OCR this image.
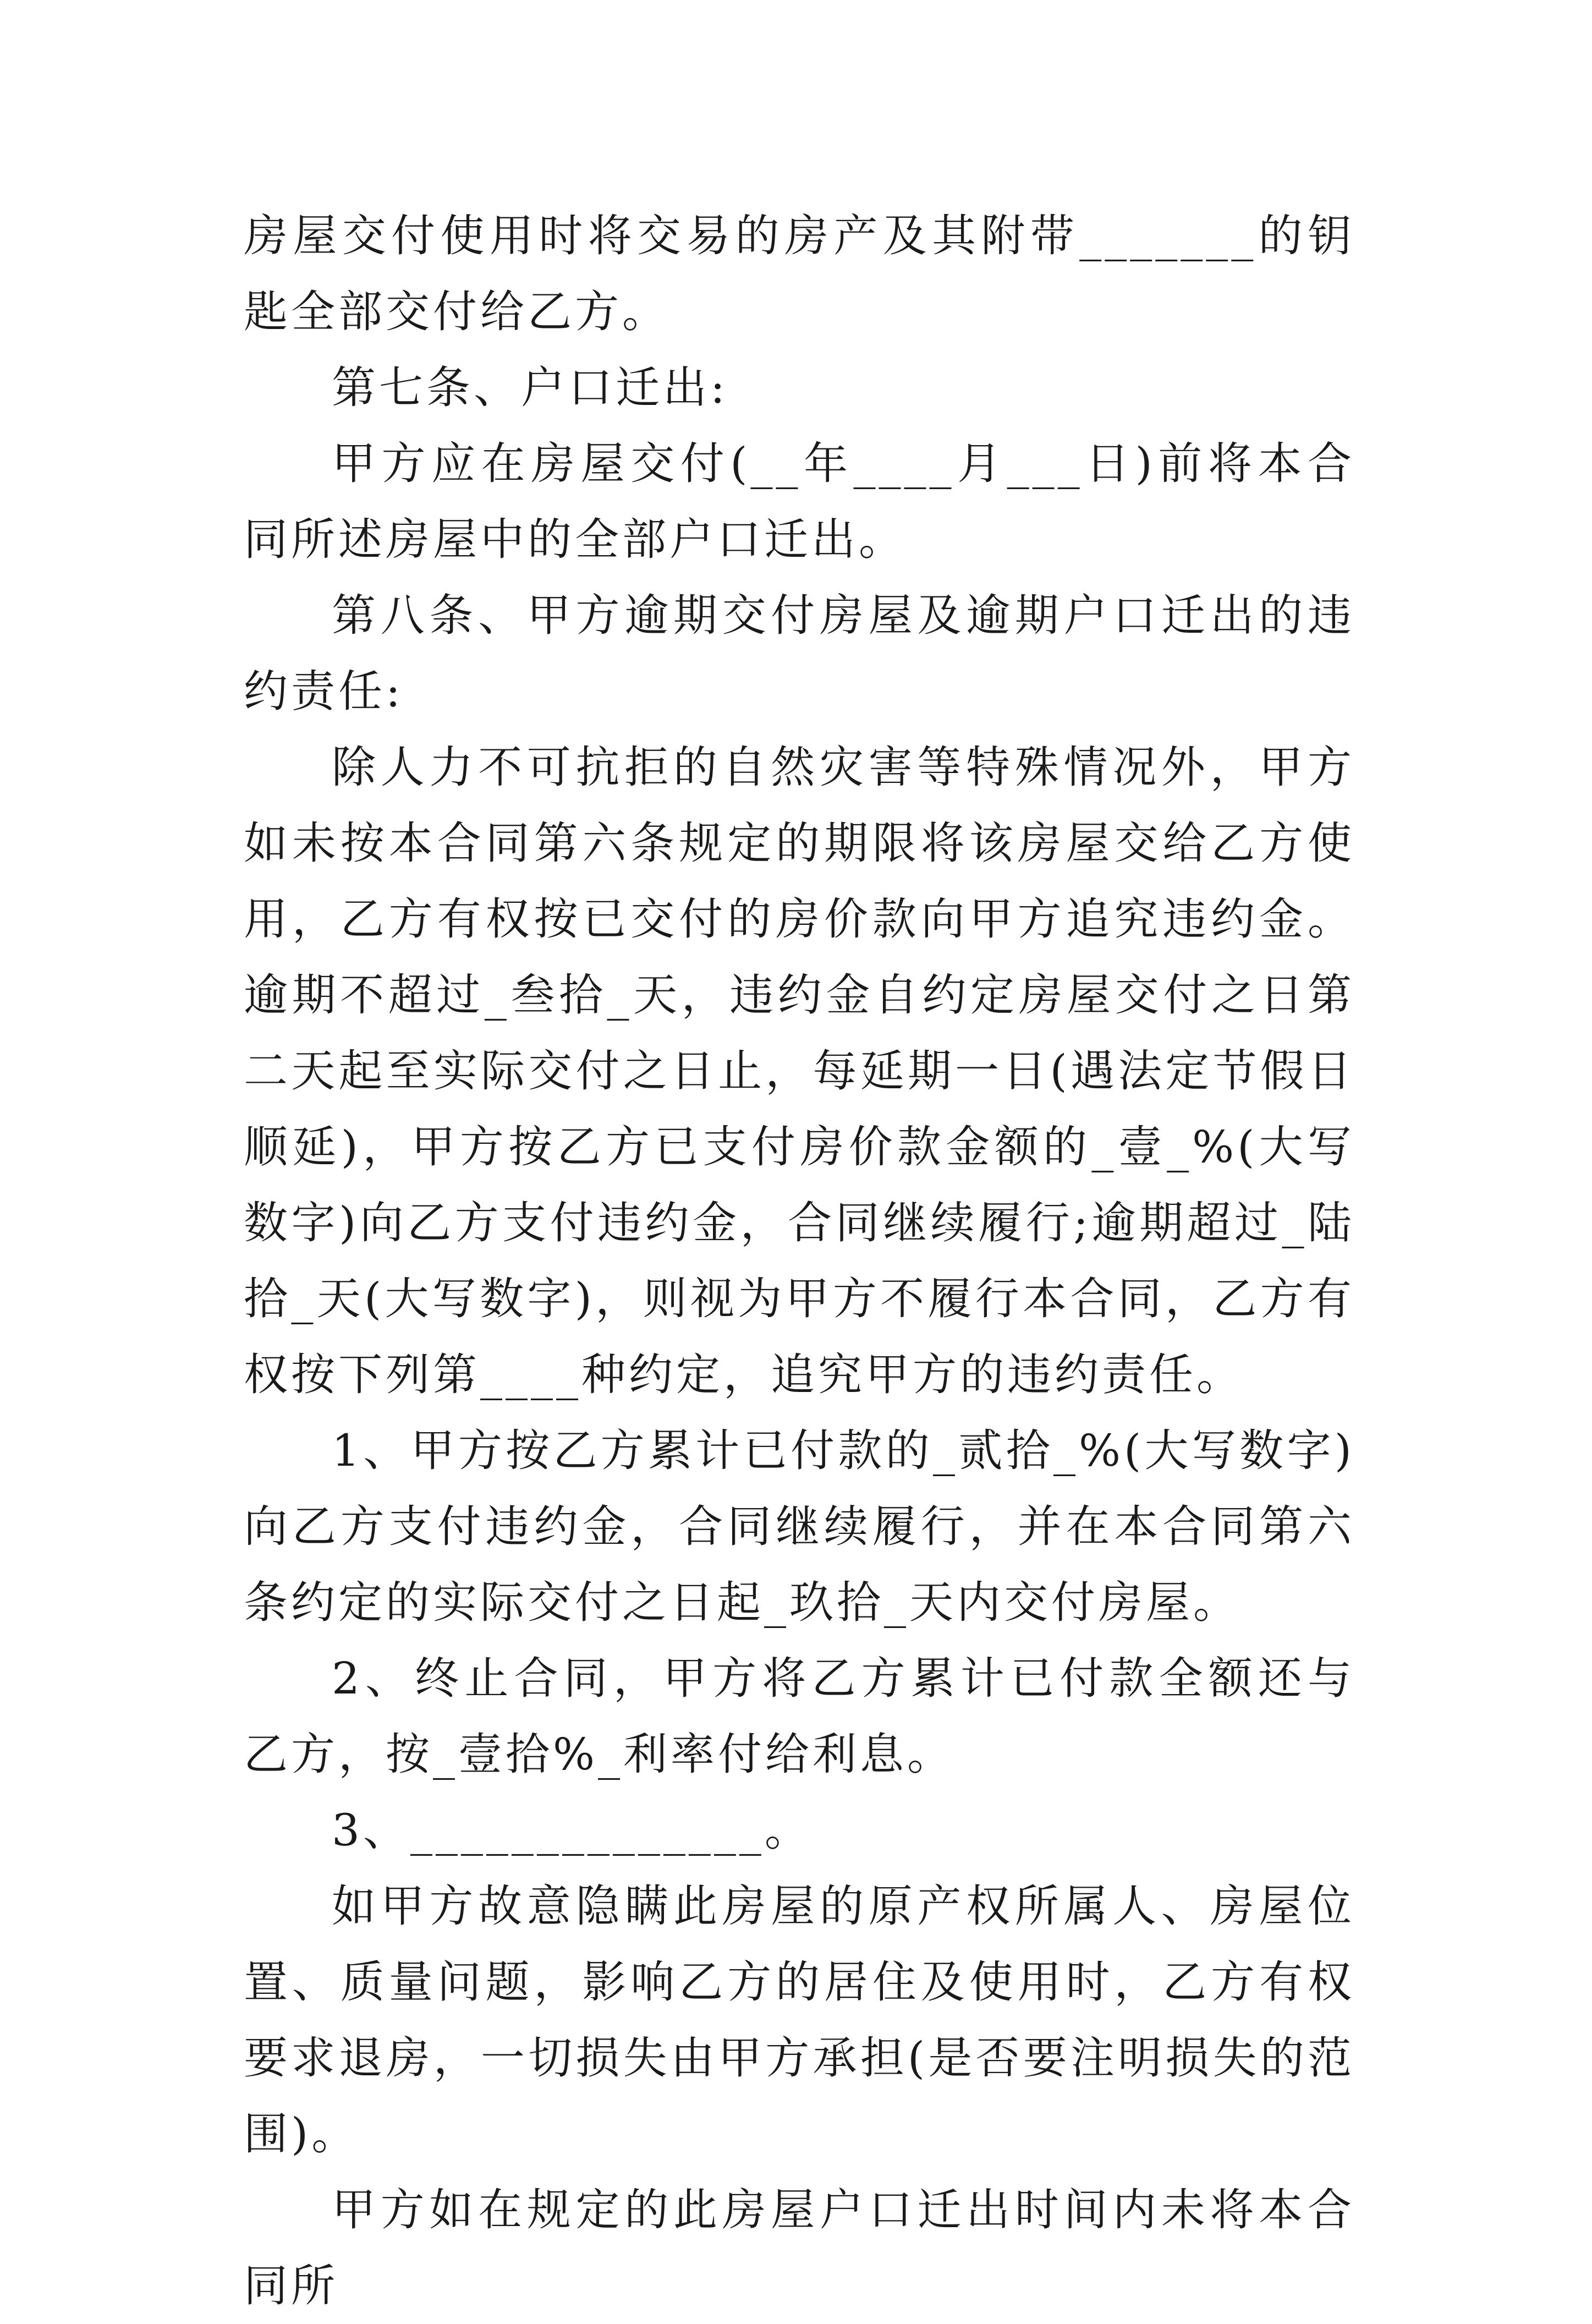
房屋交付使用时将交易的房产及其附带_______的钥匙全部交付给乙方。

第七条、户口迁出:

甲方应在房屋交付(__年____月___日)前将本合同所述房屋中的全部户口迁出。

第八条、甲方逾期交付房屋及逾期户口迁出的违约责任:

除人力不可抗拒的自然灾害等特殊情况外，甲方如未按本合同第六条规定的期限将该房屋交给乙方使用，乙方有权按已交付的房价款向甲方追究违约金。逾期不超过_叁拾_天，违约金自约定房屋交付之日第二天起至实际交付之日止，每延期一日(遇法定节假日顺延)，甲方按乙方已支付房价款金额的_壹_%(大写数字)向乙方支付违约金，合同继续履行;逾期超过_陆拾_天(大写数字)，则视为甲方不履行本合同，乙方有权按下列第____种约定，追究甲方的违约责任。

1、甲方按乙方累计已付款的_贰拾_%(大写数字)向乙方支付违约金，合同继续履行，并在本合同第六条约定的实际交付之日起_玖拾_天内交付房屋。

2、终止合同，甲方将乙方累计已付款全额还与乙方，按_壹拾%_利率付给利息。

3、______________。

如甲方故意隐瞒此房屋的原产权所属人、房屋位置、质量问题，影响乙方的居住及使用时，乙方有权要求退房，一切损失由甲方承担(是否要注明损失的范围)。

甲方如在规定的此房屋户口迁出时间内未将本合同所
